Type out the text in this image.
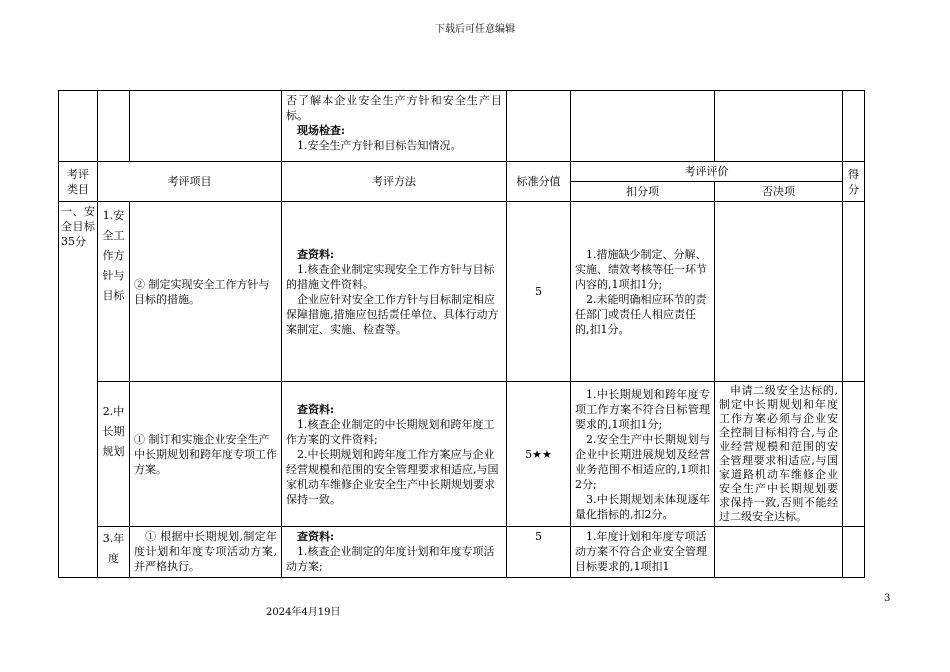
下载后可任意编辑

			否了解本企业安全生产方针和安全生产目标。
现场检查:
1.安全生产方针和目标告知情况。				

考评类目	考评项目		考评方法	标准分值	考评评价		得分
					扣分项	否决项	
一、安全目标35分	1.安全工作方针与目标	② 制定实现安全工作方针与目标的措施。	查资料:
1.核查企业制定实现安全工作方针与目标的措施文件资料。
企业应针对安全工作方针与目标制定相应保障措施,措施应包括责任单位、具体行动方案制定、实施、检查等。	5	1.措施缺少制定、分解、
实施、绩效考核等任一环节内容的,1项扣1分;
2.未能明确相应环节的责任部门或责任人相应责任的,扣1分。		

	2.中长期规划	① 制订和实施企业安全生产中长期规划和跨年度专项工作方案。	查资料:
1.核查企业制定的中长期规划和跨年度工作方案的文件资料;
2.中长期规划和跨年度工作方案应与企业经营规模和范围的安全管理要求相适应,与国家机动车维修企业安全生产中长期规划要求保持一致。	5★★	1.中长期规划和跨年度专项工作方案不符合目标管理要求的,1项扣1分;
2.安全生产中长期规划与企业中长期进展规划及经营业务范围不相适应的,1项扣2分;
3.中长期规划未体现逐年量化指标的,扣2分。	申请二级安全达标的,制定中长期规划和年度工作方案必须与企业安全控制目标相符合,与企业经营规模和范围的安全管理要求相适应,与国家道路机动车维修企业安全生产中长期规划要求保持一致,否则不能经过二级安全达标。	
	3.年度	① 根据中长期规划,制定年度计划和年度专项活动方案,并严格执行。	查资料:
1.核查企业制定的年度计划和年度专项活动方案;	5	1.年度计划和年度专项活动方案不符合企业安全管理目标要求的,1项扣1		

3
2024年4月19日
